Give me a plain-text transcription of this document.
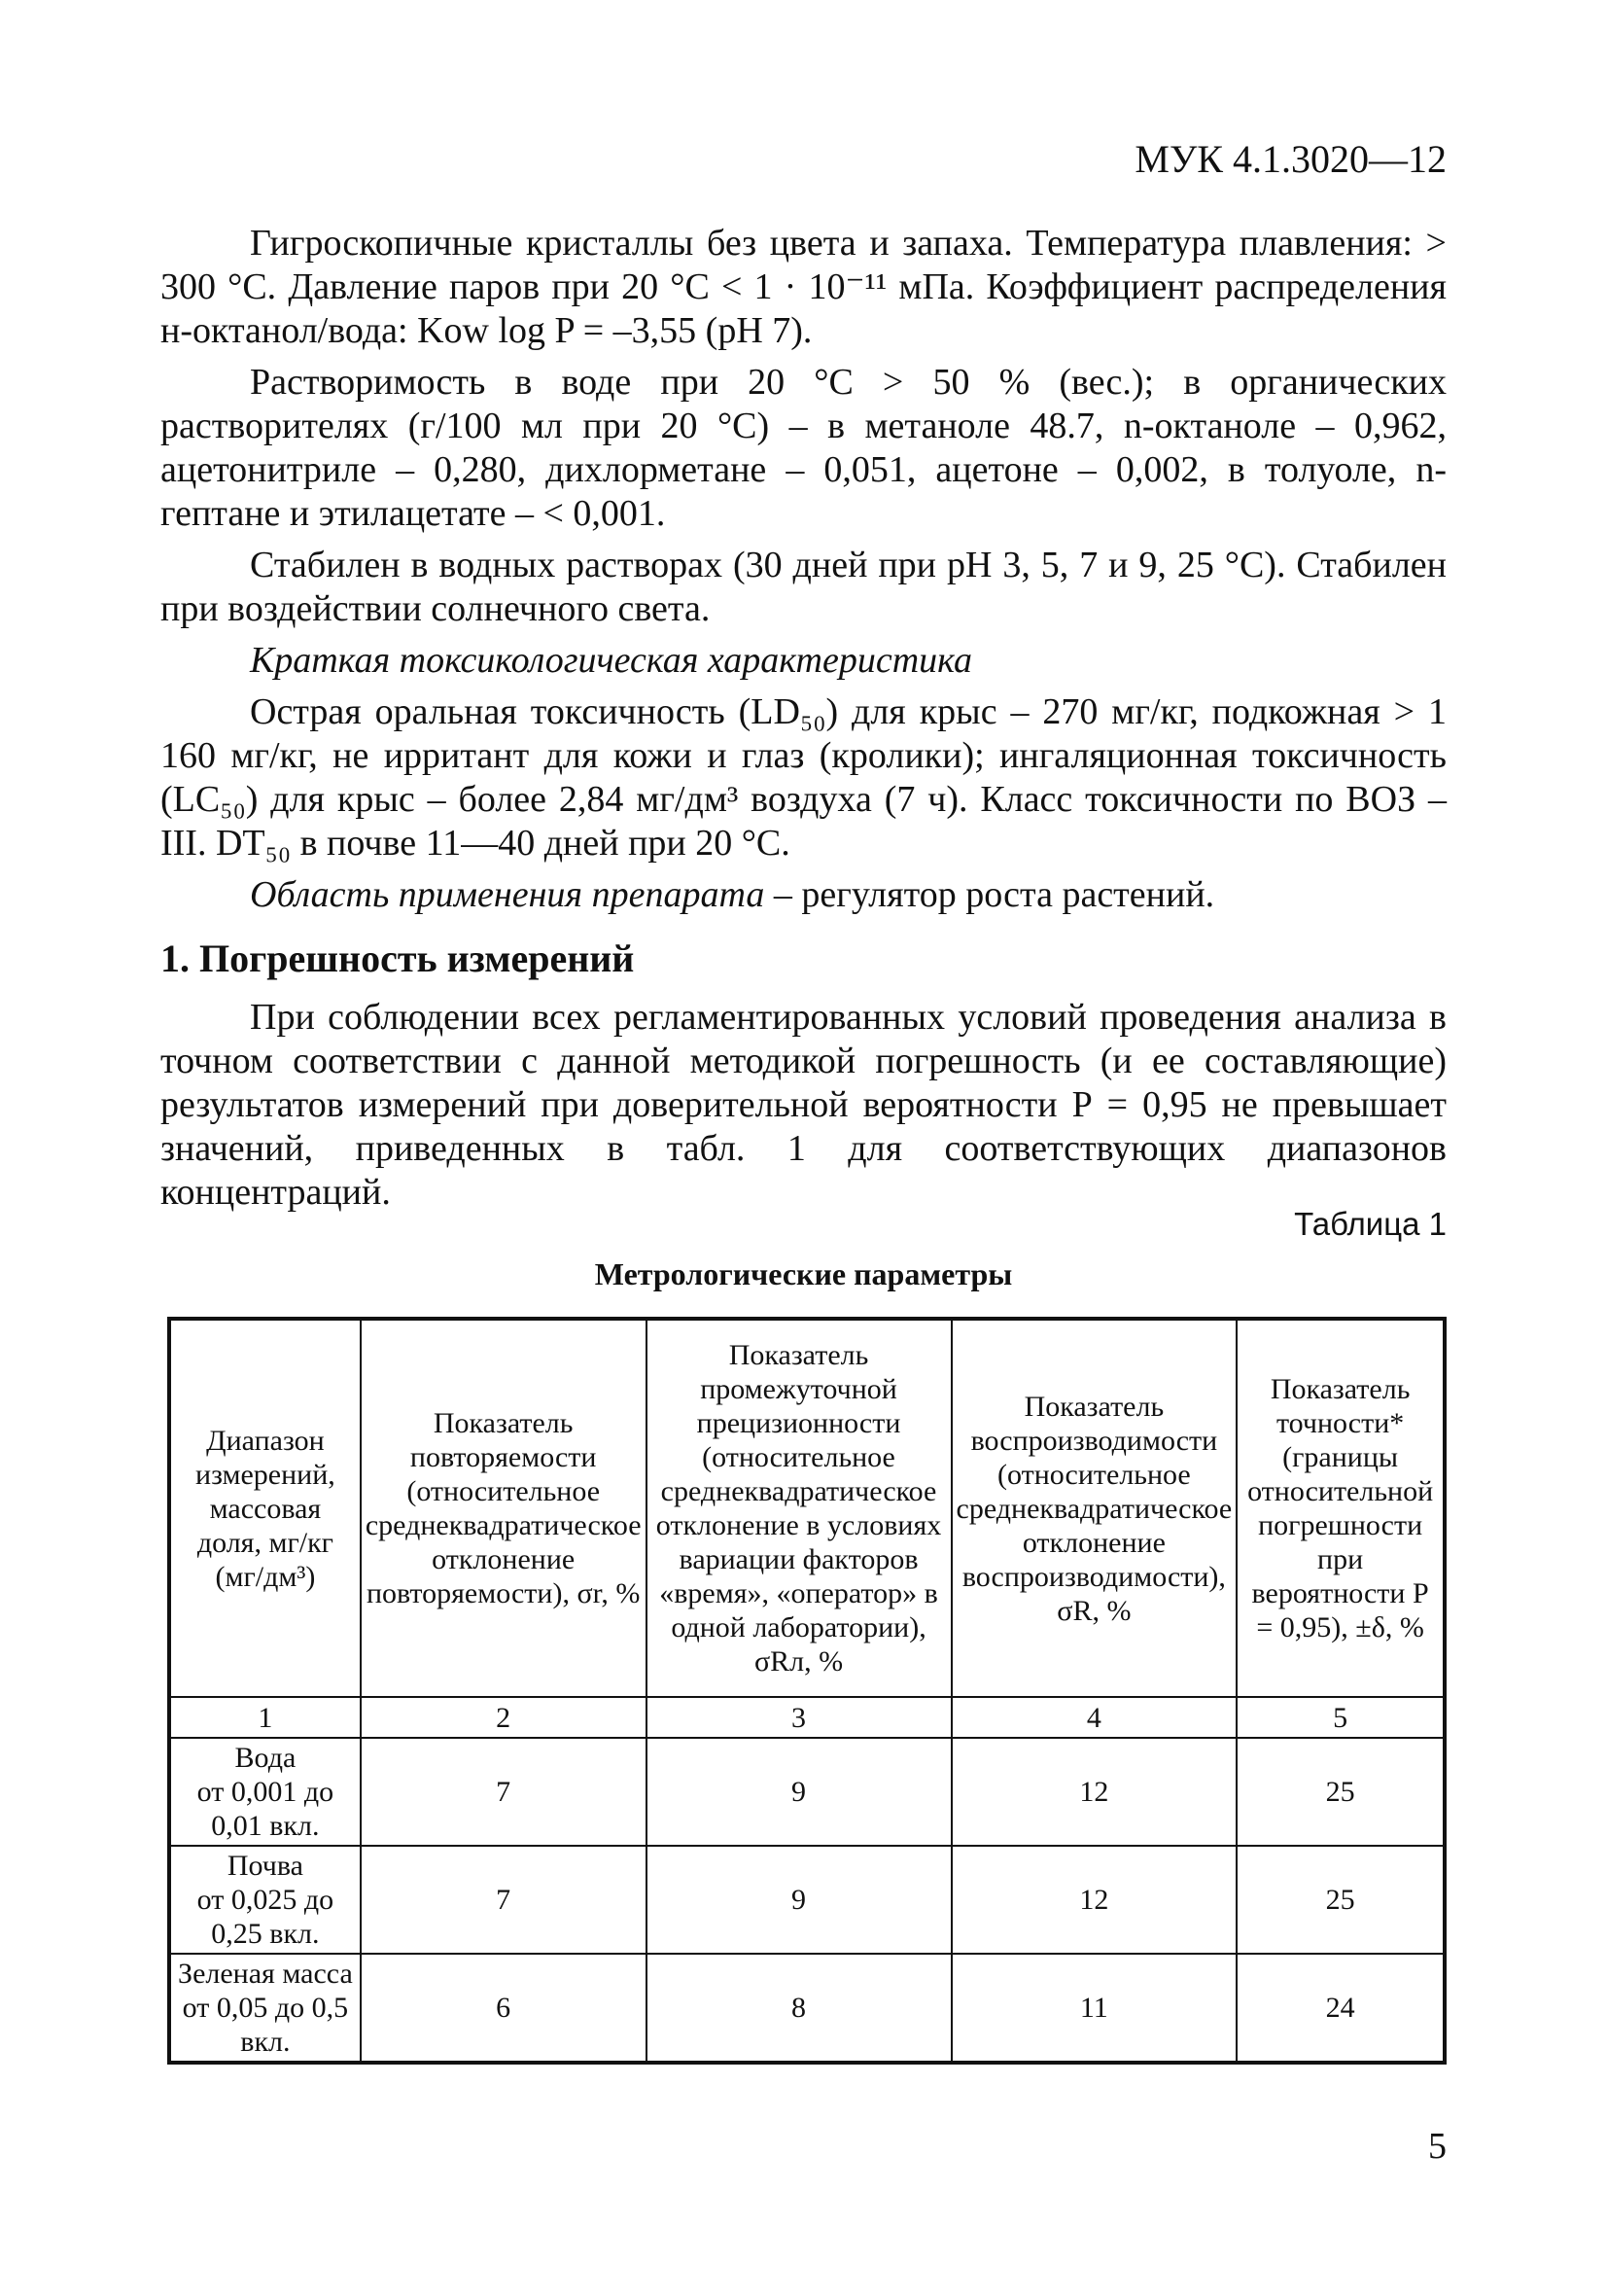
МУК 4.1.3020—12

Гигроскопичные кристаллы без цвета и запаха. Температура плавления: > 300 °С. Давление паров при 20 °С < 1 · 10⁻¹¹ мПа. Коэффициент распределения н-октанол/вода: Kow log P = –3,55 (рН 7).

Растворимость в воде при 20 °С > 50 % (вес.); в органических растворителях (г/100 мл при 20 °С) – в метаноле 48.7, n-октаноле – 0,962, ацетонитриле – 0,280, дихлорметане – 0,051, ацетоне – 0,002, в толуоле, n-гептане и этилацетате – < 0,001.

Стабилен в водных растворах (30 дней при рН 3, 5, 7 и 9, 25 °С). Стабилен при воздействии солнечного света.

Краткая токсикологическая характеристика

Острая оральная токсичность (LD₅₀) для крыс – 270 мг/кг, подкожная > 1 160 мг/кг, не ирритант для кожи и глаз (кролики); ингаляционная токсичность (LC₅₀) для крыс – более 2,84 мг/дм³ воздуха (7 ч). Класс токсичности по ВОЗ – III. DT₅₀ в почве 11—40 дней при 20 °С.

Область применения препарата – регулятор роста растений.

1. Погрешность измерений

При соблюдении всех регламентированных условий проведения анализа в точном соответствии с данной методикой погрешность (и ее составляющие) результатов измерений при доверительной вероятности Р = 0,95 не превышает значений, приведенных в табл. 1 для соответствующих диапазонов концентраций.

Таблица 1
Метрологические параметры
Диапазон измерений, массовая доля, мг/кг (мг/дм³)	Показатель повторяемости (относительное среднеквадратическое отклонение повторяемости), σr, %	Показатель промежуточной прецизионности (относительное среднеквадратическое отклонение в условиях вариации факторов «время», «оператор» в одной лаборатории), σRл, %	Показатель воспроизводимости (относительное среднеквадратическое отклонение воспроизводимости), σR, %	Показатель точности* (границы относительной погрешности при вероятности P = 0,95), ±δ, %
1	2	3	4	5

Вода
от 0,001 до 0,01 вкл.	7	9	12	25

Почва
от 0,025 до 0,25 вкл.	7	9	12	25

Зеленая масса
от 0,05 до 0,5 вкл.	6	8	11	24
5
